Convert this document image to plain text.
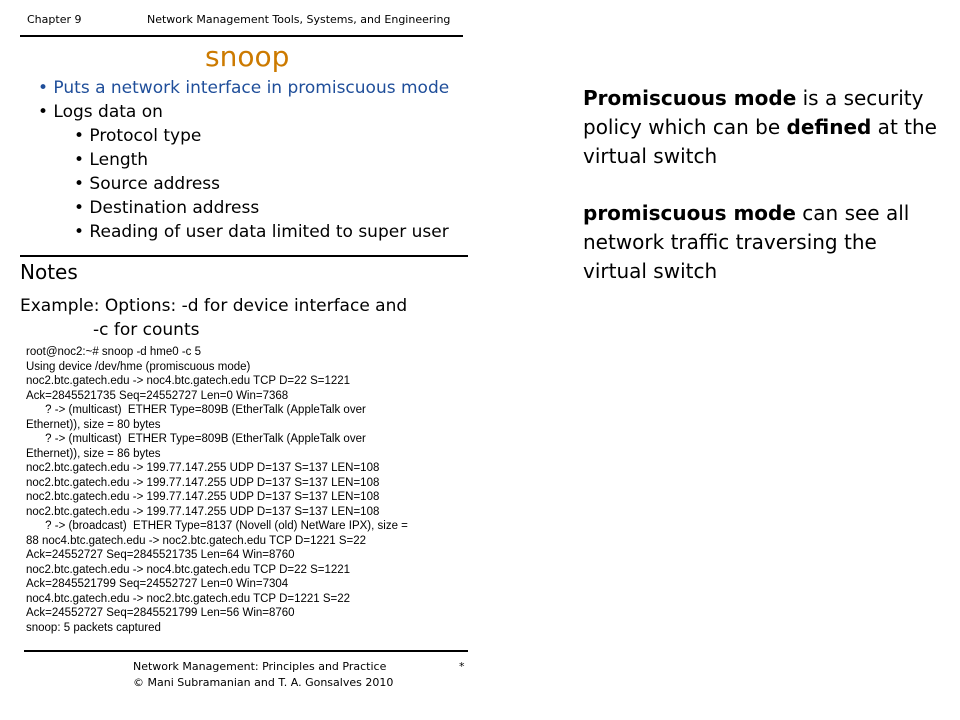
Chapter 9	Network Management Tools, Systems, and Engineering
snoop
• Puts a network interface in promiscuous mode
• Logs data on
• Protocol type
• Length
• Source address
• Destination address
• Reading of user data limited to super user
Notes
Example: Options: -d for device interface and
-c for counts
root@noc2:~# snoop -d hme0 -c 5
Using device /dev/hme (promiscuous mode)
noc2.btc.gatech.edu -> noc4.btc.gatech.edu TCP D=22 S=1221
Ack=2845521735 Seq=24552727 Len=0 Win=7368
? -> (multicast)  ETHER Type=809B (EtherTalk (AppleTalk over
Ethernet)), size = 80 bytes
? -> (multicast)  ETHER Type=809B (EtherTalk (AppleTalk over
Ethernet)), size = 86 bytes
noc2.btc.gatech.edu -> 199.77.147.255 UDP D=137 S=137 LEN=108
noc2.btc.gatech.edu -> 199.77.147.255 UDP D=137 S=137 LEN=108
noc2.btc.gatech.edu -> 199.77.147.255 UDP D=137 S=137 LEN=108
noc2.btc.gatech.edu -> 199.77.147.255 UDP D=137 S=137 LEN=108
? -> (broadcast)  ETHER Type=8137 (Novell (old) NetWare IPX), size =
88 noc4.btc.gatech.edu -> noc2.btc.gatech.edu TCP D=1221 S=22
Ack=24552727 Seq=2845521735 Len=64 Win=8760
noc2.btc.gatech.edu -> noc4.btc.gatech.edu TCP D=22 S=1221
Ack=2845521799 Seq=24552727 Len=0 Win=7304
noc4.btc.gatech.edu -> noc2.btc.gatech.edu TCP D=1221 S=22
Ack=24552727 Seq=2845521799 Len=56 Win=8760
snoop: 5 packets captured
Network Management: Principles and Practice
© Mani Subramanian and T. A. Gonsalves 2010
*
Promiscuous mode is a security policy which can be defined at the virtual switch
promiscuous mode can see all network traffic traversing the virtual switch
